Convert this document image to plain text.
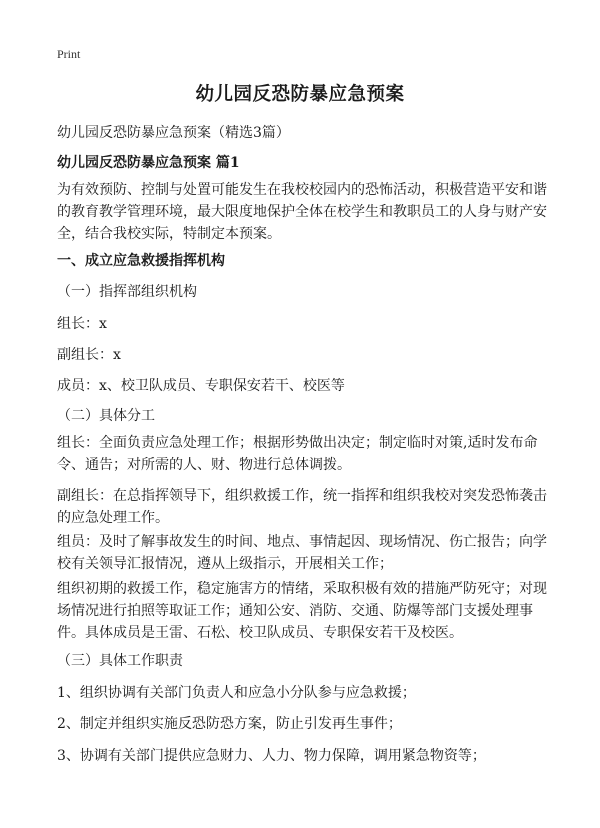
Print
幼儿园反恐防暴应急预案
幼儿园反恐防暴应急预案（精选3篇）
幼儿园反恐防暴应急预案 篇1
为有效预防、控制与处置可能发生在我校校园内的恐怖活动，积极营造平安和谐的教育教学管理环境，最大限度地保护全体在校学生和教职员工的人身与财产安全，结合我校实际，特制定本预案。
一、成立应急救援指挥机构
（一）指挥部组织机构
组长：x
副组长：x
成员：x、校卫队成员、专职保安若干、校医等
（二）具体分工
组长：全面负责应急处理工作；根据形势做出决定；制定临时对策,适时发布命令、通告；对所需的人、财、物进行总体调拨。
副组长：在总指挥领导下，组织救援工作，统一指挥和组织我校对突发恐怖袭击的应急处理工作。
组员：及时了解事故发生的时间、地点、事情起因、现场情况、伤亡报告；向学校有关领导汇报情况，遵从上级指示，开展相关工作；
组织初期的救援工作，稳定施害方的情绪，采取积极有效的措施严防死守；对现场情况进行拍照等取证工作；通知公安、消防、交通、防爆等部门支援处理事件。具体成员是王雷、石松、校卫队成员、专职保安若干及校医。
（三）具体工作职责
1、组织协调有关部门负责人和应急小分队参与应急救援；
2、制定并组织实施反恐防恐方案，防止引发再生事件；
3、协调有关部门提供应急财力、人力、物力保障，调用紧急物资等；
